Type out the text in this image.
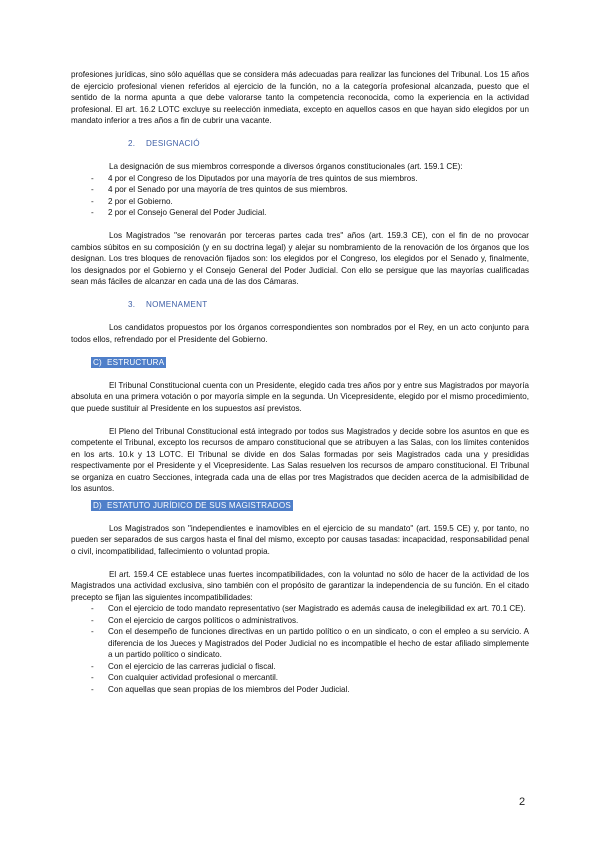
profesiones jurídicas, sino sólo aquéllas que se considera más adecuadas para realizar las funciones del Tribunal. Los 15 años de ejercicio profesional vienen referidos al ejercicio de la función, no a la categoría profesional alcanzada, puesto que el sentido de la norma apunta a que debe valorarse tanto la competencia reconocida, como la experiencia en la actividad profesional. El art. 16.2 LOTC excluye su reelección inmediata, excepto en aquellos casos en que hayan sido elegidos por un mandato inferior a tres años a fin de cubrir una vacante.

2. DESIGNACIÓ

La designación de sus miembros corresponde a diversos órganos constitucionales (art. 159.1 CE):

- 4 por el Congreso de los Diputados por una mayoría de tres quintos de sus miembros.
- 4 por el Senado por una mayoría de tres quintos de sus miembros.
- 2 por el Gobierno.
- 2 por el Consejo General del Poder Judicial.

Los Magistrados "se renovarán por terceras partes cada tres" años (art. 159.3 CE), con el fin de no provocar cambios súbitos en su composición (y en su doctrina legal) y alejar su nombramiento de la renovación de los órganos que los designan. Los tres bloques de renovación fijados son: los elegidos por el Congreso, los elegidos por el Senado y, finalmente, los designados por el Gobierno y el Consejo General del Poder Judicial. Con ello se persigue que las mayorías cualificadas sean más fáciles de alcanzar en cada una de las dos Cámaras.

3. NOMENAMENT

Los candidatos propuestos por los órganos correspondientes son nombrados por el Rey, en un acto conjunto para todos ellos, refrendado por el Presidente del Gobierno.

C) ESTRUCTURA

El Tribunal Constitucional cuenta con un Presidente, elegido cada tres años por y entre sus Magistrados por mayoría absoluta en una primera votación o por mayoría simple en la segunda. Un Vicepresidente, elegido por el mismo procedimiento, que puede sustituir al Presidente en los supuestos así previstos.

El Pleno del Tribunal Constitucional está integrado por todos sus Magistrados y decide sobre los asuntos en que es competente el Tribunal, excepto los recursos de amparo constitucional que se atribuyen a las Salas, con los límites contenidos en los arts. 10.k y 13 LOTC. El Tribunal se divide en dos Salas formadas por seis Magistrados cada una y presididas respectivamente por el Presidente y el Vicepresidente. Las Salas resuelven los recursos de amparo constitucional. El Tribunal se organiza en cuatro Secciones, integrada cada una de ellas por tres Magistrados que deciden acerca de la admisibilidad de los asuntos.

D) ESTATUTO JURÍDICO DE SUS MAGISTRADOS

Los Magistrados son "independientes e inamovibles en el ejercicio de su mandato" (art. 159.5 CE) y, por tanto, no pueden ser separados de sus cargos hasta el final del mismo, excepto por causas tasadas: incapacidad, responsabilidad penal o civil, incompatibilidad, fallecimiento o voluntad propia.

El art. 159.4 CE establece unas fuertes incompatibilidades, con la voluntad no sólo de hacer de la actividad de los Magistrados una actividad exclusiva, sino también con el propósito de garantizar la independencia de su función. En el citado precepto se fijan las siguientes incompatibilidades:

- Con el ejercicio de todo mandato representativo (ser Magistrado es además causa de inelegibilidad ex art. 70.1 CE).
- Con el ejercicio de cargos políticos o administrativos.
- Con el desempeño de funciones directivas en un partido político o en un sindicato, o con el empleo a su servicio. A diferencia de los Jueces y Magistrados del Poder Judicial no es incompatible el hecho de estar afiliado simplemente a un partido político o sindicato.
- Con el ejercicio de las carreras judicial o fiscal.
- Con cualquier actividad profesional o mercantil.
- Con aquellas que sean propias de los miembros del Poder Judicial.
2
